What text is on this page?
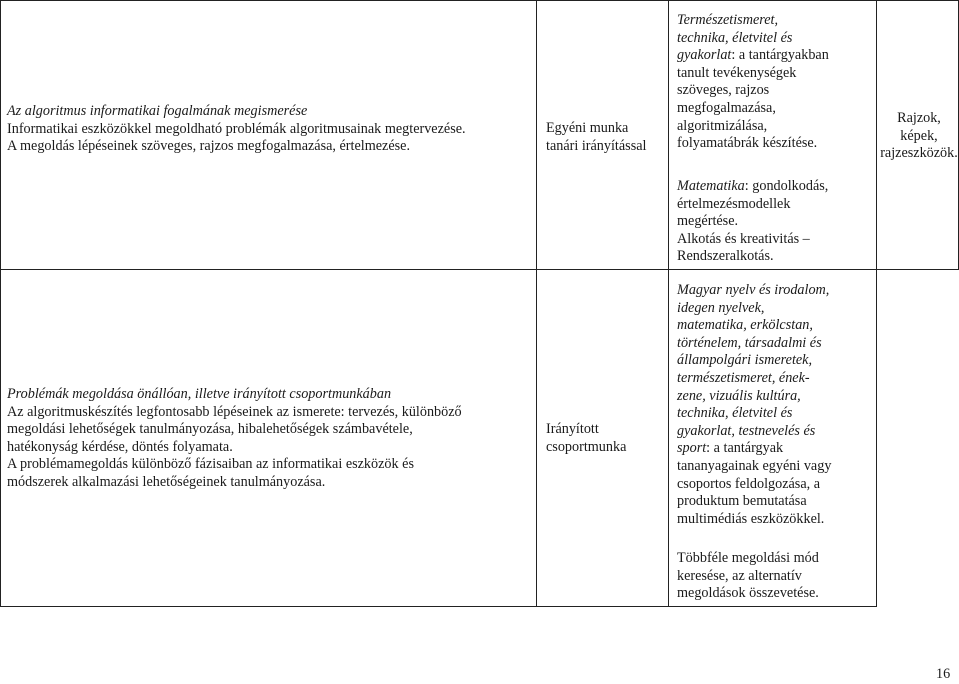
Az algoritmus informatikai fogalmának megismerése
Informatikai eszközökkel megoldható problémák algoritmusainak megtervezése.
A megoldás lépéseinek szöveges, rajzos megfogalmazása, értelmezése.
Egyéni munka
tanári irányítással
Természetismeret,
technika, életvitel és
gyakorlat: a tantárgyakban
tanult tevékenységek
szöveges, rajzos
megfogalmazása,
algoritmizálása,
folyamatábrák készítése.
Matematika: gondolkodás,
értelmezésmodellek
megértése.
Alkotás és kreativitás –
Rendszeralkotás.
Rajzok,
képek,
rajzeszközök.
Problémák megoldása önállóan, illetve irányított csoportmunkában
Az algoritmuskészítés legfontosabb lépéseinek az ismerete: tervezés, különböző
megoldási lehetőségek tanulmányozása, hibalehetőségek számbavétele,
hatékonyság kérdése, döntés folyamata.
A problémamegoldás különböző fázisaiban az informatikai eszközök és
módszerek alkalmazási lehetőségeinek tanulmányozása.
Irányított
csoportmunka
Magyar nyelv és irodalom,
idegen nyelvek,
matematika, erkölcstan,
történelem, társadalmi és
állampolgári ismeretek,
természetismeret, ének-
zene, vizuális kultúra,
technika, életvitel és
gyakorlat, testnevelés és
sport: a tantárgyak
tananyagainak egyéni vagy
csoportos feldolgozása, a
produktum bemutatása
multimédiás eszközökkel.
Többféle megoldási mód
keresése, az alternatív
megoldások összevetése.
16
